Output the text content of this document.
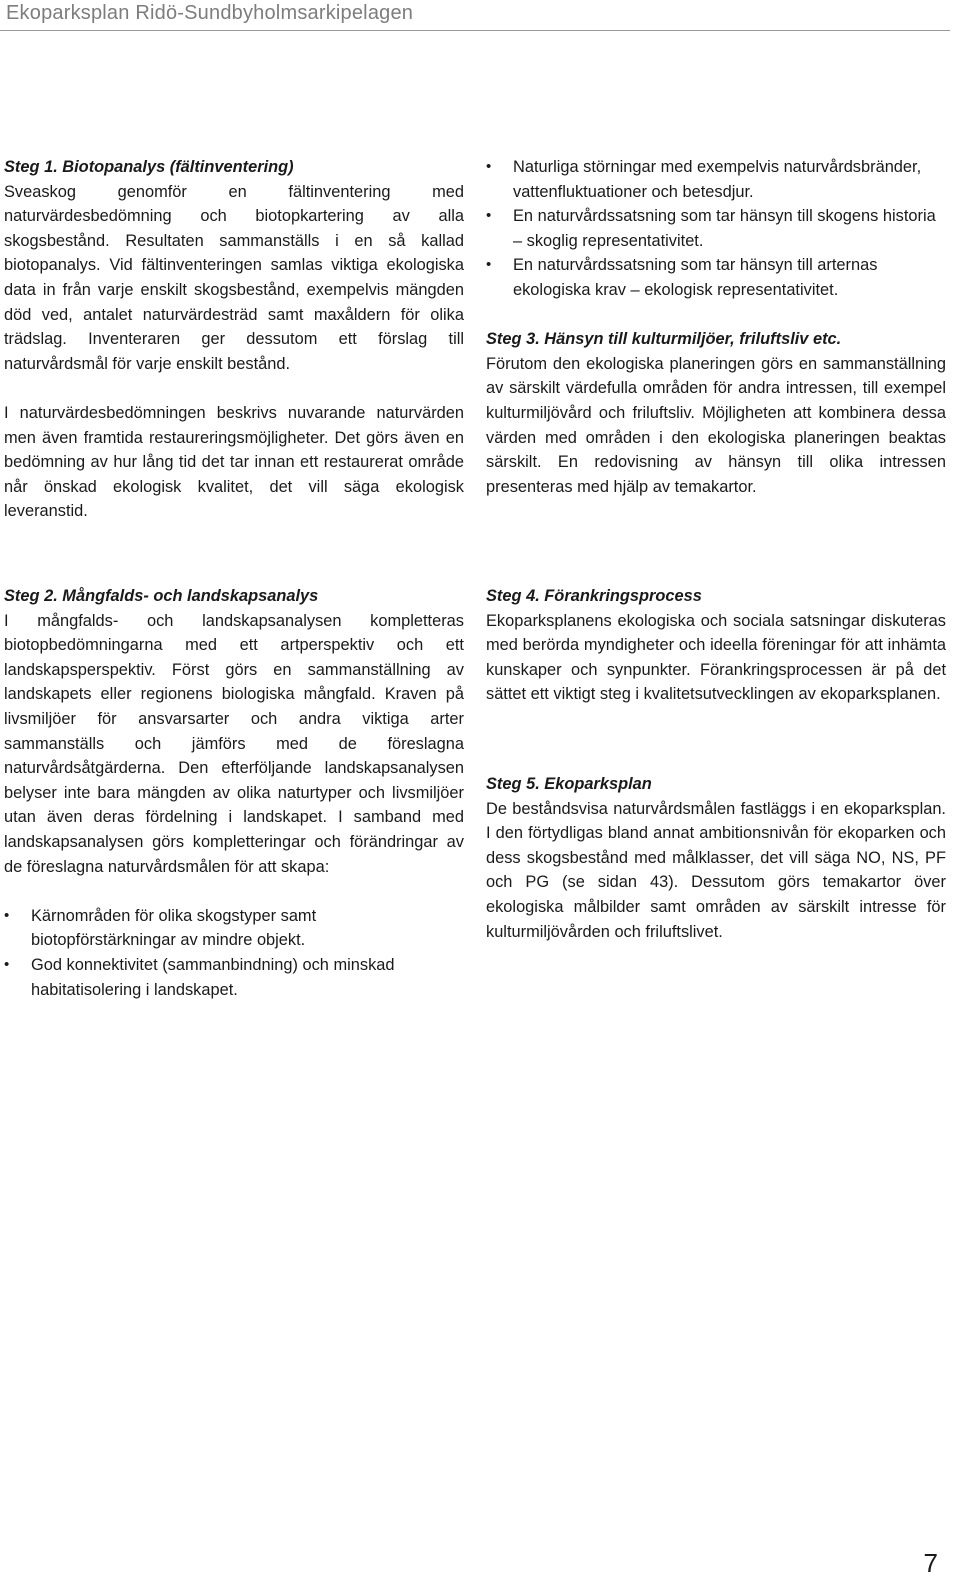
Ekoparksplan Ridö-Sundbyholmsarkipelagen

Steg 1. Biotopanalys (fältinventering)

Sveaskog genomför en fältinventering med naturvärdesbedömning och biotopkartering av alla skogsbestånd. Resultaten sammanställs i en så kallad biotopanalys. Vid fältinventeringen samlas viktiga ekologiska data in från varje enskilt skogsbestånd, exempelvis mängden död ved, antalet naturvärdesträd samt maxåldern för olika trädslag. Inventeraren ger dessutom ett förslag till naturvårdsmål för varje enskilt bestånd.

I naturvärdesbedömningen beskrivs nuvarande naturvärden men även framtida restaureringsmöjligheter. Det görs även en bedömning av hur lång tid det tar innan ett restaurerat område når önskad ekologisk kvalitet, det vill säga ekologisk leveranstid.

• Naturliga störningar med exempelvis naturvårdsbränder, vattenfluktuationer och betesdjur.
• En naturvårdssatsning som tar hänsyn till skogens historia – skoglig representativitet.
• En naturvårdssatsning som tar hänsyn till arternas ekologiska krav – ekologisk representativitet.

Steg 3. Hänsyn till kulturmiljöer, friluftsliv etc.

Förutom den ekologiska planeringen görs en sammanställning av särskilt värdefulla områden för andra intressen, till exempel kulturmiljövård och friluftsliv. Möjligheten att kombinera dessa värden med områden i den ekologiska planeringen beaktas särskilt. En redovisning av hänsyn till olika intressen presenteras med hjälp av temakartor.

Steg 2. Mångfalds- och landskapsanalys

I mångfalds- och landskapsanalysen kompletteras biotopbedömningarna med ett artperspektiv och ett landskapsperspektiv. Först görs en sammanställning av landskapets eller regionens biologiska mångfald. Kraven på livsmiljöer för ansvarsarter och andra viktiga arter sammanställs och jämförs med de föreslagna naturvårdsåtgärderna. Den efterföljande landskapsanalysen belyser inte bara mängden av olika naturtyper och livsmiljöer utan även deras fördelning i landskapet. I samband med landskapsanalysen görs kompletteringar och förändringar av de föreslagna naturvårdsmålen för att skapa:

• Kärnområden för olika skogstyper samt biotopförstärkningar av mindre objekt.
• God konnektivitet (sammanbindning) och minskad habitatisolering i landskapet.

Steg 4. Förankringsprocess

Ekoparksplanens ekologiska och sociala satsningar diskuteras med berörda myndigheter och ideella föreningar för att inhämta kunskaper och synpunkter. Förankringsprocessen är på det sättet ett viktigt steg i kvalitetsutvecklingen av ekoparksplanen.

Steg 5. Ekoparksplan

De beståndsvisa naturvårdsmålen fastläggs i en ekoparksplan. I den förtydligas bland annat ambitionsnivån för ekoparken och dess skogsbestånd med målklasser, det vill säga NO, NS, PF och PG (se sidan 43). Dessutom görs temakartor över ekologiska målbilder samt områden av särskilt intresse för kulturmiljövården och friluftslivet.

7
